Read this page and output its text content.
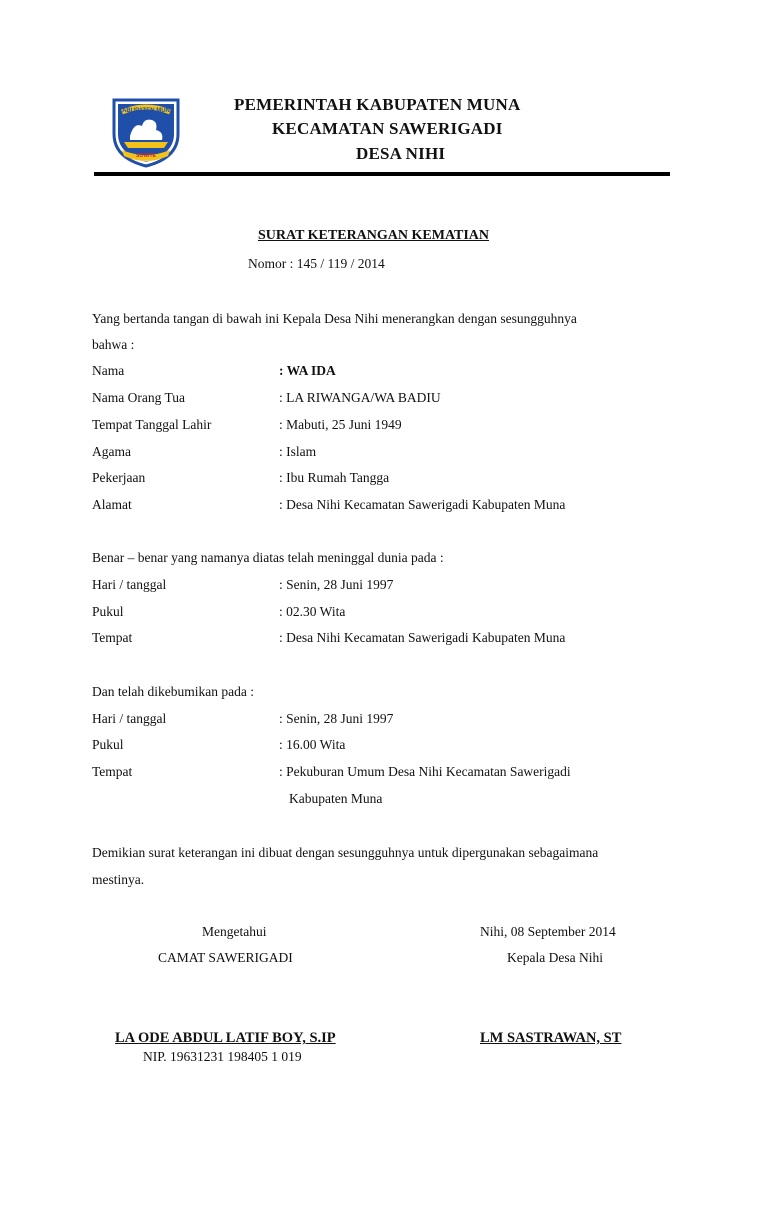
KABUPATEN MUNA
SOWITE
1959
PEMERINTAH KABUPATEN MUNA
KECAMATAN SAWERIGADI
DESA NIHI
SURAT KETERANGAN KEMATIAN
Nomor : 145 / 119 / 2014
Yang bertanda tangan di bawah ini Kepala Desa Nihi menerangkan dengan sesungguhnya
bahwa :
Nama	: WA IDA
Nama Orang Tua	: LA RIWANGA/WA BADIU
Tempat Tanggal Lahir	: Mabuti, 25 Juni 1949
Agama	: Islam
Pekerjaan	: Ibu Rumah Tangga
Alamat	: Desa Nihi Kecamatan Sawerigadi Kabupaten Muna
Benar – benar yang namanya diatas telah meninggal dunia pada :
Hari / tanggal	: Senin, 28 Juni 1997
Pukul	: 02.30 Wita
Tempat	: Desa Nihi Kecamatan Sawerigadi Kabupaten Muna
Dan telah dikebumikan pada :
Hari / tanggal	: Senin, 28 Juni 1997
Pukul	: 16.00 Wita
Tempat	: Pekuburan Umum Desa Nihi Kecamatan Sawerigadi
Kabupaten Muna
Demikian surat keterangan ini dibuat dengan sesungguhnya untuk dipergunakan sebagaimana
mestinya.
Mengetahui
CAMAT SAWERIGADI
Nihi, 08 September 2014
Kepala Desa Nihi
LA ODE ABDUL LATIF BOY, S.IP
NIP. 19631231 198405 1 019
LM SASTRAWAN, ST
